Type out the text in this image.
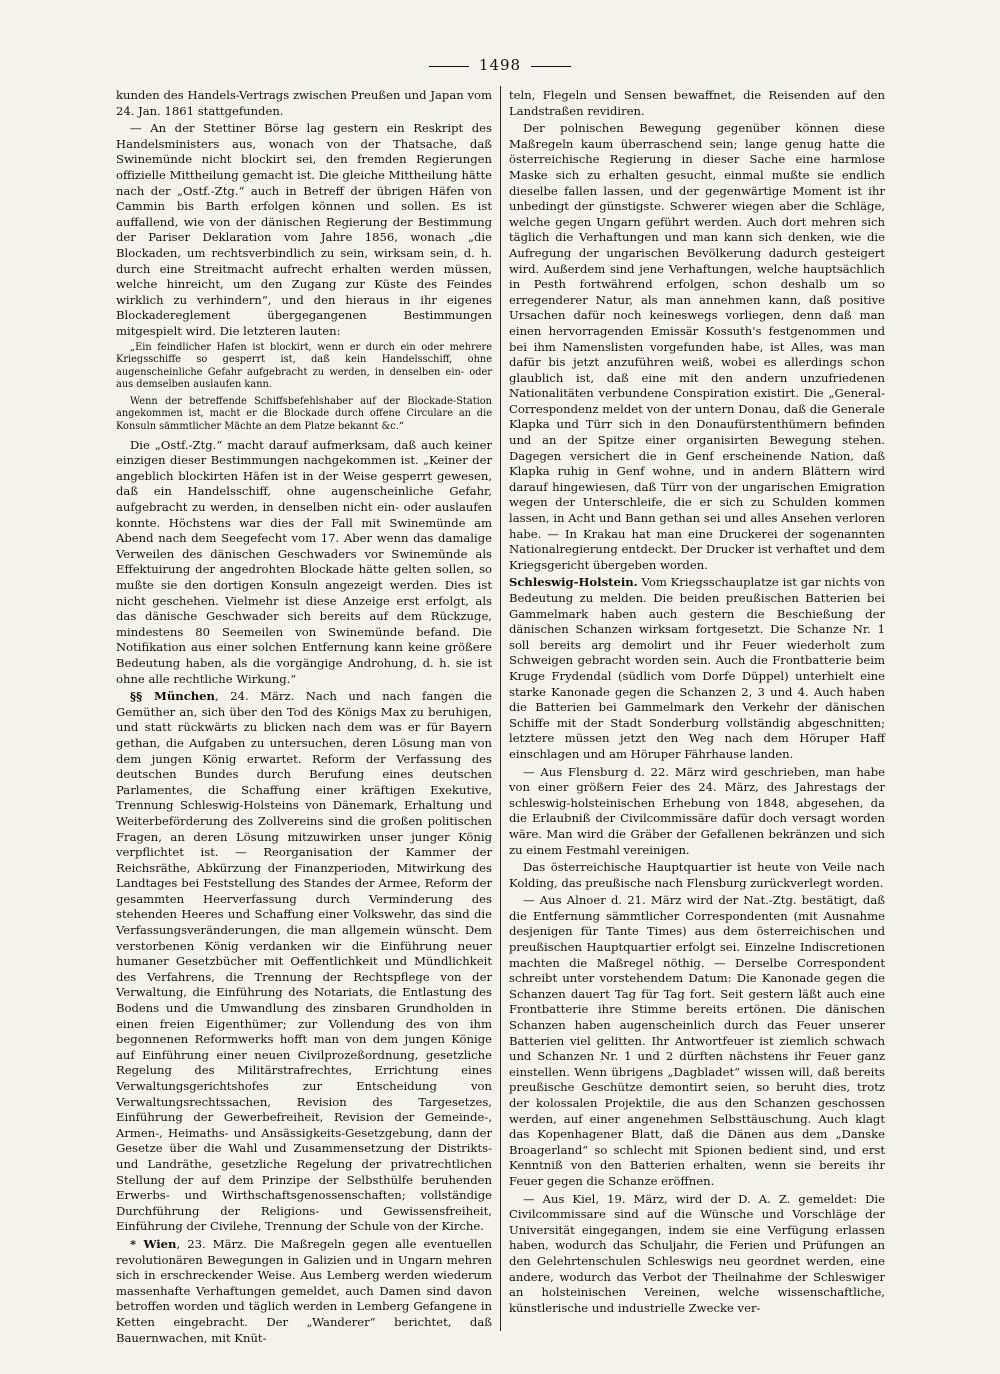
1498

kunden des Handels-Vertrags zwischen Preußen und Japan vom 24. Jan. 1861 stattgefunden.

— An der Stettiner Börse lag gestern ein Reskript des Handelsministers aus, wonach von der Thatsache, daß Swinemünde nicht blockirt sei, den fremden Regierungen offizielle Mittheilung gemacht ist. Die gleiche Mittheilung hätte nach der „Ostf.-Ztg.“ auch in Betreff der übrigen Häfen von Cammin bis Barth erfolgen können und sollen. Es ist auffallend, wie von der dänischen Regierung der Bestimmung der Pariser Deklaration vom Jahre 1856, wonach „die Blockaden, um rechtsverbindlich zu sein, wirksam sein, d. h. durch eine Streitmacht aufrecht erhalten werden müssen, welche hinreicht, um den Zugang zur Küste des Feindes wirklich zu verhindern“, und den hieraus in ihr eigenes Blockadereglement übergegangenen Bestimmungen mitgespielt wird. Die letzteren lauten:

„Ein feindlicher Hafen ist blockirt, wenn er durch ein oder mehrere Kriegsschiffe so gesperrt ist, daß kein Handelsschiff, ohne augenscheinliche Gefahr aufgebracht zu werden, in denselben ein- oder aus demselben auslaufen kann.
Wenn der betreffende Schiffsbefehlshaber auf der Blockade-Station angekommen ist, macht er die Blockade durch offene Circulare an die Konsuln sämmtlicher Mächte an dem Platze bekannt &c.“

Die „Ostf.-Ztg.“ macht darauf aufmerksam, daß auch keiner einzigen dieser Bestimmungen nachgekommen ist. „Keiner der angeblich blockirten Häfen ist in der Weise gesperrt gewesen, daß ein Handelsschiff, ohne augenscheinliche Gefahr, aufgebracht zu werden, in denselben nicht ein- oder auslaufen konnte. Höchstens war dies der Fall mit Swinemünde am Abend nach dem Seegefecht vom 17. Aber wenn das damalige Verweilen des dänischen Geschwaders vor Swinemünde als Effektuirung der angedrohten Blockade hätte gelten sollen, so mußte sie den dortigen Konsuln angezeigt werden. Dies ist nicht geschehen. Vielmehr ist diese Anzeige erst erfolgt, als das dänische Geschwader sich bereits auf dem Rückzuge, mindestens 80 Seemeilen von Swinemünde befand. Die Notifikation aus einer solchen Entfernung kann keine größere Bedeutung haben, als die vorgängige Androhung, d. h. sie ist ohne alle rechtliche Wirkung.“

§§ München, 24. März. Nach und nach fangen die Gemüther an, sich über den Tod des Königs Max zu beruhigen, und statt rückwärts zu blicken nach dem was er für Bayern gethan, die Aufgaben zu untersuchen, deren Lösung man von dem jungen König erwartet. Reform der Verfassung des deutschen Bundes durch Berufung eines deutschen Parlamentes, die Schaffung einer kräftigen Exekutive, Trennung Schleswig-Holsteins von Dänemark, Erhaltung und Weiterbeförderung des Zollvereins sind die großen politischen Fragen, an deren Lösung mitzuwirken unser junger König verpflichtet ist. — Reorganisation der Kammer der Reichsräthe, Abkürzung der Finanzperioden, Mitwirkung des Landtages bei Feststellung des Standes der Armee, Reform der gesammten Heerverfassung durch Verminderung des stehenden Heeres und Schaffung einer Volkswehr, das sind die Verfassungsveränderungen, die man allgemein wünscht. Dem verstorbenen König verdanken wir die Einführung neuer humaner Gesetzbücher mit Oeffentlichkeit und Mündlichkeit des Verfahrens, die Trennung der Rechtspflege von der Verwaltung, die Einführung des Notariats, die Entlastung des Bodens und die Umwandlung des zinsbaren Grundholden in einen freien Eigenthümer; zur Vollendung des von ihm begonnenen Reformwerks hofft man von dem jungen Könige auf Einführung einer neuen Civilprozeßordnung, gesetzliche Regelung des Militärstrafrechtes, Errichtung eines Verwaltungsgerichtshofes zur Entscheidung von Verwaltungsrechtssachen, Revision des Targesetzes, Einführung der Gewerbefreiheit, Revision der Gemeinde-, Armen-, Heimaths- und Ansässigkeits-Gesetzgebung, dann der Gesetze über die Wahl und Zusammensetzung der Distrikts- und Landräthe, gesetzliche Regelung der privatrechtlichen Stellung der auf dem Prinzipe der Selbsthülfe beruhenden Erwerbs- und Wirthschaftsgenossenschaften; vollständige Durchführung der Religions- und Gewissensfreiheit, Einführung der Civilehe, Trennung der Schule von der Kirche.

* Wien, 23. März. Die Maßregeln gegen alle eventuellen revolutionären Bewegungen in Galizien und in Ungarn mehren sich in erschreckender Weise. Aus Lemberg werden wiederum massenhafte Verhaftungen gemeldet, auch Damen sind davon betroffen worden und täglich werden in Lemberg Gefangene in Ketten eingebracht. Der „Wanderer“ berichtet, daß Bauernwachen, mit Knüt-

teln, Flegeln und Sensen bewaffnet, die Reisenden auf den Landstraßen revidiren.

Der polnischen Bewegung gegenüber können diese Maßregeln kaum überraschend sein; lange genug hatte die österreichische Regierung in dieser Sache eine harmlose Maske sich zu erhalten gesucht, einmal mußte sie endlich dieselbe fallen lassen, und der gegenwärtige Moment ist ihr unbedingt der günstigste. Schwerer wiegen aber die Schläge, welche gegen Ungarn geführt werden. Auch dort mehren sich täglich die Verhaftungen und man kann sich denken, wie die Aufregung der ungarischen Bevölkerung dadurch gesteigert wird. Außerdem sind jene Verhaftungen, welche hauptsächlich in Pesth fortwährend erfolgen, schon deshalb um so erregenderer Natur, als man annehmen kann, daß positive Ursachen dafür noch keineswegs vorliegen, denn daß man einen hervorragenden Emissär Kossuth's festgenommen und bei ihm Namenslisten vorgefunden habe, ist Alles, was man dafür bis jetzt anzuführen weiß, wobei es allerdings schon glaublich ist, daß eine mit den andern unzufriedenen Nationalitäten verbundene Conspiration existirt. Die „General-Correspondenz meldet von der untern Donau, daß die Generale Klapka und Türr sich in den Donaufürstenthümern befinden und an der Spitze einer organisirten Bewegung stehen. Dagegen versichert die in Genf erscheinende Nation, daß Klapka ruhig in Genf wohne, und in andern Blättern wird darauf hingewiesen, daß Türr von der ungarischen Emigration wegen der Unterschleife, die er sich zu Schulden kommen lassen, in Acht und Bann gethan sei und alles Ansehen verloren habe. — In Krakau hat man eine Druckerei der sogenannten Nationalregierung entdeckt. Der Drucker ist verhaftet und dem Kriegsgericht übergeben worden.

Schleswig-Holstein. Vom Kriegsschauplatze ist gar nichts von Bedeutung zu melden. Die beiden preußischen Batterien bei Gammelmark haben auch gestern die Beschießung der dänischen Schanzen wirksam fortgesetzt. Die Schanze Nr. 1 soll bereits arg demolirt und ihr Feuer wiederholt zum Schweigen gebracht worden sein. Auch die Frontbatterie beim Kruge Frydendal (südlich vom Dorfe Düppel) unterhielt eine starke Kanonade gegen die Schanzen 2, 3 und 4. Auch haben die Batterien bei Gammelmark den Verkehr der dänischen Schiffe mit der Stadt Sonderburg vollständig abgeschnitten; letztere müssen jetzt den Weg nach dem Höruper Haff einschlagen und am Höruper Fährhause landen.

— Aus Flensburg d. 22. März wird geschrieben, man habe von einer größern Feier des 24. März, des Jahrestags der schleswig-holsteinischen Erhebung von 1848, abgesehen, da die Erlaubniß der Civilcommissäre dafür doch versagt worden wäre. Man wird die Gräber der Gefallenen bekränzen und sich zu einem Festmahl vereinigen.

Das österreichische Hauptquartier ist heute von Veile nach Kolding, das preußische nach Flensburg zurückverlegt worden.

— Aus Alnoer d. 21. März wird der Nat.-Ztg. bestätigt, daß die Entfernung sämmtlicher Correspondenten (mit Ausnahme desjenigen für Tante Times) aus dem österreichischen und preußischen Hauptquartier erfolgt sei. Einzelne Indiscretionen machten die Maßregel nöthig. — Derselbe Correspondent schreibt unter vorstehendem Datum: Die Kanonade gegen die Schanzen dauert Tag für Tag fort. Seit gestern läßt auch eine Frontbatterie ihre Stimme bereits ertönen. Die dänischen Schanzen haben augenscheinlich durch das Feuer unserer Batterien viel gelitten. Ihr Antwortfeuer ist ziemlich schwach und Schanzen Nr. 1 und 2 dürften nächstens ihr Feuer ganz einstellen. Wenn übrigens „Dagbladet“ wissen will, daß bereits preußische Geschütze demontirt seien, so beruht dies, trotz der kolossalen Projektile, die aus den Schanzen geschossen werden, auf einer angenehmen Selbsttäuschung. Auch klagt das Kopenhagener Blatt, daß die Dänen aus dem „Danske Broagerland“ so schlecht mit Spionen bedient sind, und erst Kenntniß von den Batterien erhalten, wenn sie bereits ihr Feuer gegen die Schanze eröffnen.

— Aus Kiel, 19. März, wird der D. A. Z. gemeldet: Die Civilcommissare sind auf die Wünsche und Vorschläge der Universität eingegangen, indem sie eine Verfügung erlassen haben, wodurch das Schuljahr, die Ferien und Prüfungen an den Gelehrtenschulen Schleswigs neu geordnet werden, eine andere, wodurch das Verbot der Theilnahme der Schleswiger an holsteinischen Vereinen, welche wissenschaftliche, künstlerische und industrielle Zwecke ver-
